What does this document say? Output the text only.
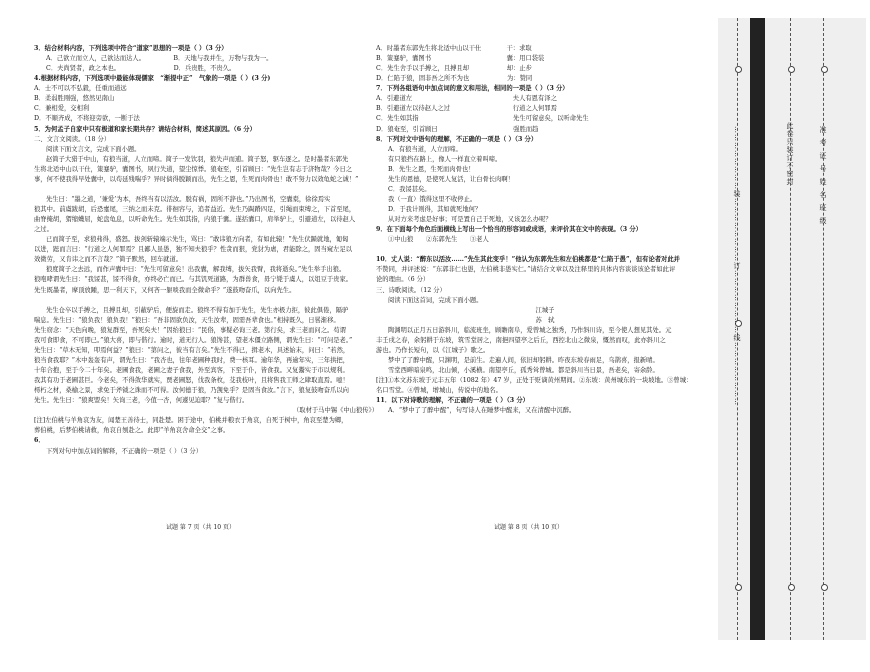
3．结合材料内容，下列选项中符合“道家”思想的一项是（ ）（3 分）

A．己欲立而立人，己欲达而达人。　　　　　B．天地与我并生，万物与我为一。

C．夫尚贤者，政之本也。　　　　　　　　　D．兵贵胜，不贵久。

4.根据材料内容，下列选项中最能体现儒家　“渐提中正”　气象的一项是（ ）(3 分)

A．士不可以不弘毅，任重而道远

B．柔弱胜刚强，悠然见南山

C．兼相爱，交相利

D．不顺齐成，不将迎旁欲，一断于法

5．为何孟子自家中只有极道和家长期共存？请结合材料，简述其原因。（6 分）

二、文言文阅读。（18 分）

阅读下面文言文，完成下面小题。

赵简子大猎于中山，有狼当道，人立而啼。简子一发饮羽，狼失声而逋。简子怒，驱车逐之。是时墨者东郭先

生将北适中山以干仕，策蹇驴，囊图书，夙行失道，望尘惊悸。狼奄至，引首顾曰：“先生岂有志于济物哉？今日之

事，何不使我得早处囊中，以苟延残喘乎？异时倘得脱颖而出，先生之恩，生死而肉骨也！敢不努力以效龟蛇之诚！”

先生曰：“墨之道，‘兼爱’为本，吾终当有以活汝。脱有祸，固所不辞也。”乃出图书，空囊橐，徐徐焉实

狼其中。前虞跋胡，后恐疐尾，三纳之而未克。徘徊容与，追者益近。先生乃跼蹐四足，引绳而束缚之，下首至尾，

曲脊掩胡，猬缩蠖屈，蛇盘龟息，以听命先生。先生如其指，内狼于囊。遂括囊口，肩举驴上，引避道左，以待赵人

之过。

已而简子至，求狼弗得，盛怒。拔剑斩辕端示先生，骂曰：“敢讳狼方向者，有如此辕！”先生伏踬就地，匍匐

以进，跽而言曰：“行道之人何罪焉？且鄙人虽愚，独不知夫狼乎？性贪而狠，党豺为虐，君能除之，固当窥左足以

效微劳，又肯讳之而不言哉？”简子默然，回车就道。

狼度简子之去远，而作声囊中曰：“先生可留意矣！出我囊，解我缚，拔矢我臂，我将逝矣。”先生举手出狼。

狼咆哮谓先生曰：“我馁甚，馁不得食，亦终必亡而已。与其饥死道路，为群兽食，毋宁毙于虞人，以俎豆于贵家。

先生既墨者，摩顶放踵，思一利天下，又何吝一躯啖我而全微命乎？”遂鼓吻奋爪，以向先生。

先生仓卒以手搏之，且搏且却，引蔽驴后，便旋而走。狼终不得有加于先生，先生亦极力拒，彼此俱倦，隔驴

喘息。先生曰：“狼负我！狼负我！”狼曰：“吾非固欲负汝，天生汝辈，固需吾辈食也。”相持既久，日晷渐移。

先生窃念：“天色向晚，狼复群至，吾死矣夫！”因绐狼曰：“民俗，事疑必询三老。第行矣，求三老而问之。苟谓

我可食即食，不可即已。”狼大喜，即与偕行。逾时，道无行人。狼馋甚，望老木僵立路侧，谓先生曰：“可问是老。”

先生曰：“草木无知，叩焉何益？”狼曰：“第问之，彼当有言矣。”先生不得已，揖老木，具述始末，问曰：“若然，

狼当食我耶？”木中轰轰有声，谓先生曰：“我杏也，往年老圃种我时，费一核耳。逾年华，再逾年实，三年拱把，

十年合抱，至于今二十年矣。老圃食我，老圃之妻子食我，外至宾客，下至于仆，皆食我。又复鬻实于市以规利。

我其有功于老圃甚巨。今老矣，不得敛华就实，贾老圃怒，伐我条枚，芟我枝叶，且将售我工师之肆取直焉。噫！

樗朽之材，桑榆之景，求免于斧钺之诛而不可得。汝何德于狼，乃觊免乎？是固当食汝。”言下，狼复鼓吻奋爪以向

先生。先生曰：“狼爽盟矣！矢询三老，今值一杏，何遽见迫耶？”复与偕行。

（取材于马中锡《中山狼传》）

[注]左伯桃与羊角哀为友，闻楚王善待士，同赴楚。困于途中，伯桃并粮衣于角哀，自死于树中，角哀至楚为卿，

葬伯桃，后梦伯桃请救，角哀自刎赴之。此即“羊角哀舍命全交”之事。

6．

下列对句中加点词的解释，不正确的一项是（ ）（3 分）

A．时墨者东郭先生将北适中山以干仕　　　　干：求取

B．策蹇驴，囊图书　　　　　　　　　　　　囊：用口袋装

C．先生舍手以手搏之，且搏且却　　　　　　却：止步

D．仁陷于狼，固非吾之所不为也　　　　　　为：赞同

7．下列各组语句中加点词的意义和用法，相同的一项是（ ）（3 分）

A．引避道左　　　　　　　　　　　　　　　　夫人有恩有泽之

B．引避道左以待赵人之过　　　　　　　　　　行道之人何罪焉

C．先生如其指　　　　　　　　　　　　　　　先生可留意矣，以听命先生

D．狼奄至，引首顾曰　　　　　　　　　　　　强胜而趋

8．下列对文中语句的理解，不正确的一项是（ ）（3 分）

A．有狼当道，人立而啼。

有只狼挡在路上，像人一样直立着叫啼。

B．先生之恩，生死而肉骨也！

先生的恩德，是使死人复活，让白骨长肉啊！

C．我馁甚矣。

我（一直）饿得这里不收停止。

D．于我计则得，其如就死地何？

从对方来考虑是好事；可是置自己于死地，又该怎么办呢？

9．在下面每个角色后面横线上写出一个恰当的形容词或成语，来评价其在文中的表现。（3 分）

①中山狼　　②东郭先生　　③老人

10．丈人说：“醉东以活汝……”先生其此变乎！”他认为东郭先生和左伯桃都是“仁陷于愚”，但有论者对此并

不赞同，并评述说：“东郭非仁也愚，左伯桃非愚实仁。”请结合文章以及注释里的具体内容谈谈该论者如此评

论的理由。（6 分）

三、诗歌阅读。（12 分）

阅读下面这首词，完成下面小题。

江城子

苏　轼

陶渊明以正月五日游斜川，临流班坐，顾瞻南阜，爱曾城之独秀，乃作斜川诗，至今使人想见其处。元

丰壬戌之春，余躬耕于东坡，筑雪堂居之，南挹四望亭之后丘，西控北山之微泉，慨然而叹，此亦斜川之

游也。乃作长短句，以《江城子》歌之。

梦中了了醉中醒，只渊明，是前生。走遍人间，依旧却躬耕。昨夜东坡春雨足，乌鹊喜，报新晴。

雪堂西畔暗泉鸣，北山倾，小溪横。南望亭丘，孤秀耸曾城。都是斜川当日景，吾老矣，寄余龄。

[注]①本文苏东坡于元丰五年（1082 年）47 岁，正处于贬谪黄州期间。②东坡：黄州城东的一块坡地。③曾城：

名口雪堂。④曾城，增城山，传说中的地名。

11．以下对诗歌的理解，不正确的一项是（ ）（3 分）

A．“梦中了了醉中醒”，句写诗人在睡梦中醒来，又在清醒中沉醉。

试题 第 7 页（共 10 页）	试题 第 8 页（共 10 页）
……………………装……………………订……………………线……………………	此卷只装订不密封	准考证号姓名班级
